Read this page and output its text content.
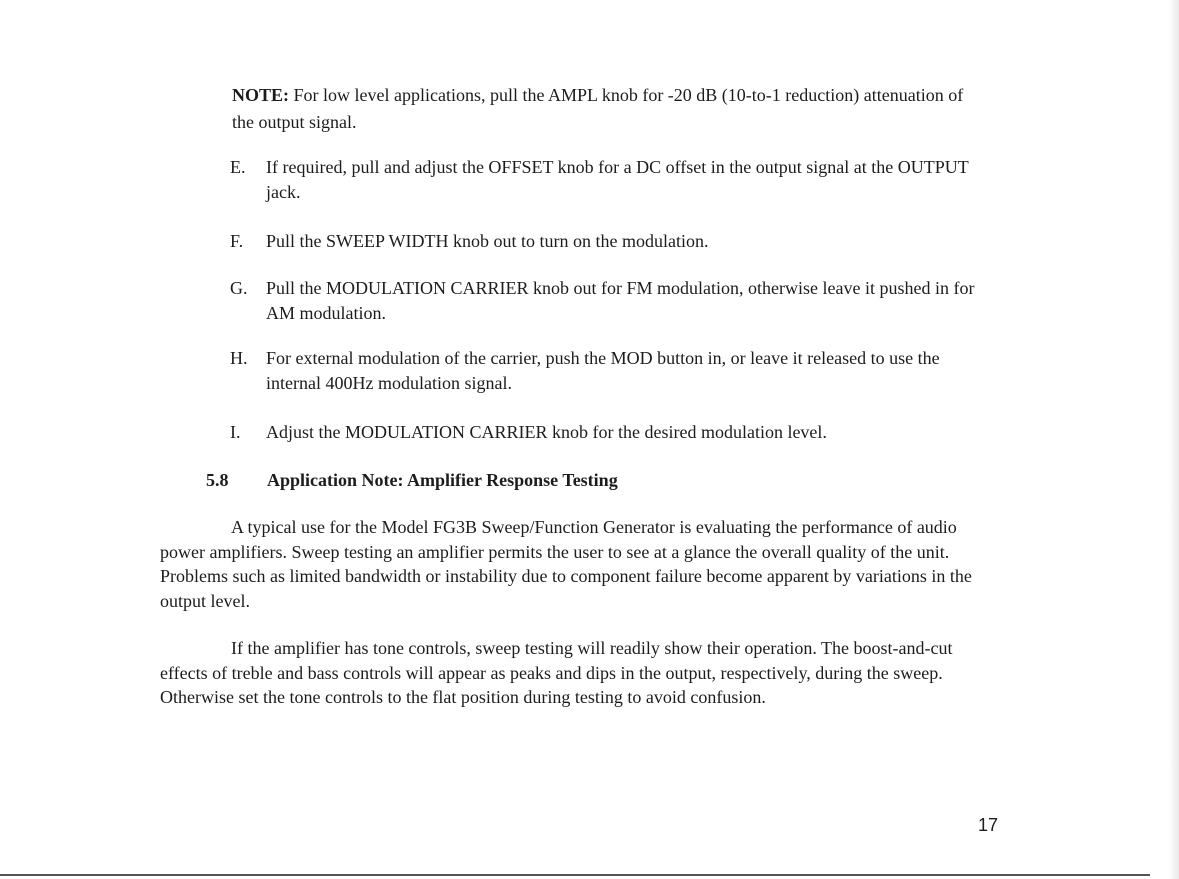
NOTE: For low level applications, pull the AMPL knob for -20 dB (10-to-1 reduction) attenuation of the output signal.
E.	If required, pull and adjust the OFFSET knob for a DC offset in the output signal at the OUTPUT jack.
F.	Pull the SWEEP WIDTH knob out to turn on the modulation.
G.	Pull the MODULATION CARRIER knob out for FM modulation, otherwise leave it pushed in for AM modulation.
H.	For external modulation of the carrier, push the MOD button in, or leave it released to use the internal 400Hz modulation signal.
I.	Adjust the MODULATION CARRIER knob for the desired modulation level.
5.8 Application Note: Amplifier Response Testing

A typical use for the Model FG3B Sweep/Function Generator is evaluating the performance of audio power amplifiers. Sweep testing an amplifier permits the user to see at a glance the overall quality of the unit. Problems such as limited bandwidth or instability due to component failure become apparent by variations in the output level.

If the amplifier has tone controls, sweep testing will readily show their operation. The boost-and-cut effects of treble and bass controls will appear as peaks and dips in the output, respectively, during the sweep. Otherwise set the tone controls to the flat position during testing to avoid confusion.

17
